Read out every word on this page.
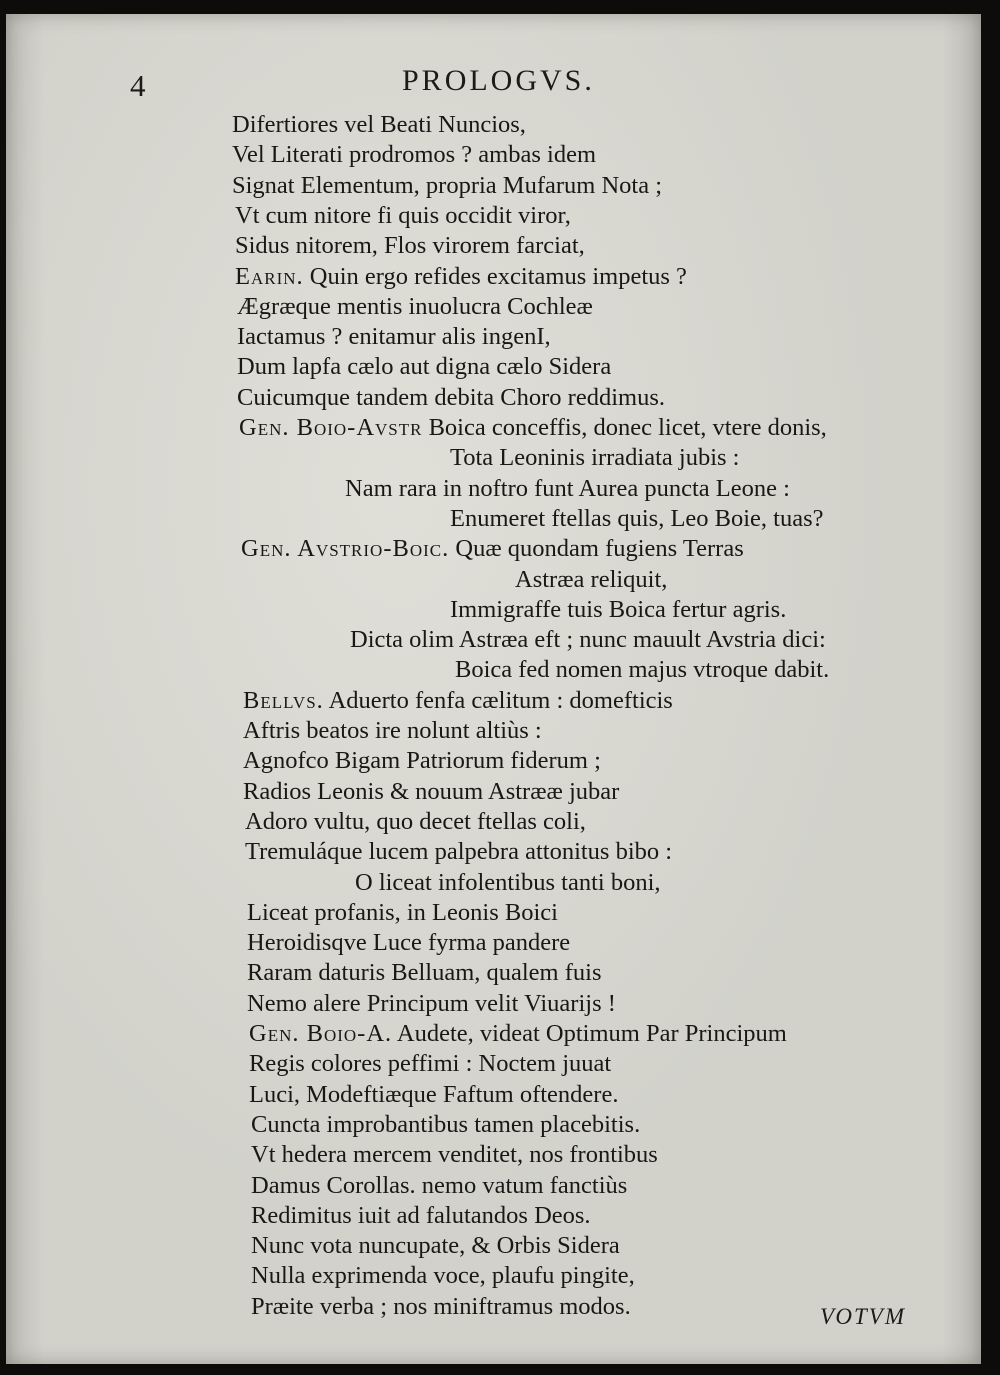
4	PROLOGVS.
Difertiores vel Beati Nuncios,
Vel Literati prodromos ? ambas idem
Signat Elementum, propria Mufarum Nota ;
Vt cum nitore fi quis occidit viror,
Sidus nitorem, Flos virorem farciat,
Earin. Quin ergo refides excitamus impetus ?
Ægræque mentis inuolucra Cochleæ
Iactamus ? enitamur alis ingenI,
Dum lapfa cælo aut digna cælo Sidera
Cuicumque tandem debita Choro reddimus.
Gen. Boio-Avstr Boica conceffis, donec licet, vtere donis,
Tota Leoninis irradiata jubis :
Nam rara in noftro funt Aurea puncta Leone :
Enumeret ftellas quis, Leo Boie, tuas?
Gen. Avstrio-Boic. Quæ quondam fugiens Terras
Astræa reliquit,
Immigraffe tuis Boica fertur agris.
Dicta olim Astræa eft ; nunc mauult Avstria dici:
Boica fed nomen majus vtroque dabit.
Bellvs. Aduerto fenfa cælitum : domefticis
Aftris beatos ire nolunt altiùs :
Agnofco Bigam Patriorum fiderum ;
Radios Leonis & nouum Astrææ jubar
Adoro vultu, quo decet ftellas coli,
Tremuláque lucem palpebra attonitus bibo :
O liceat infolentibus tanti boni,
Liceat profanis, in Leonis Boici
Heroidisqve Luce fyrma pandere
Raram daturis Belluam, qualem fuis
Nemo alere Principum velit Viuarijs !
Gen. Boio-A. Audete, videat Optimum Par Principum
Regis colores peffimi : Noctem juuat
Luci, Modeftiæque Faftum oftendere.
Cuncta improbantibus tamen placebitis.
Vt hedera mercem venditet, nos frontibus
Damus Corollas. nemo vatum fanctiùs
Redimitus iuit ad falutandos Deos.
Nunc vota nuncupate, & Orbis Sidera
Nulla exprimenda voce, plaufu pingite,
Præite verba ; nos miniftramus modos.	VOTVM
